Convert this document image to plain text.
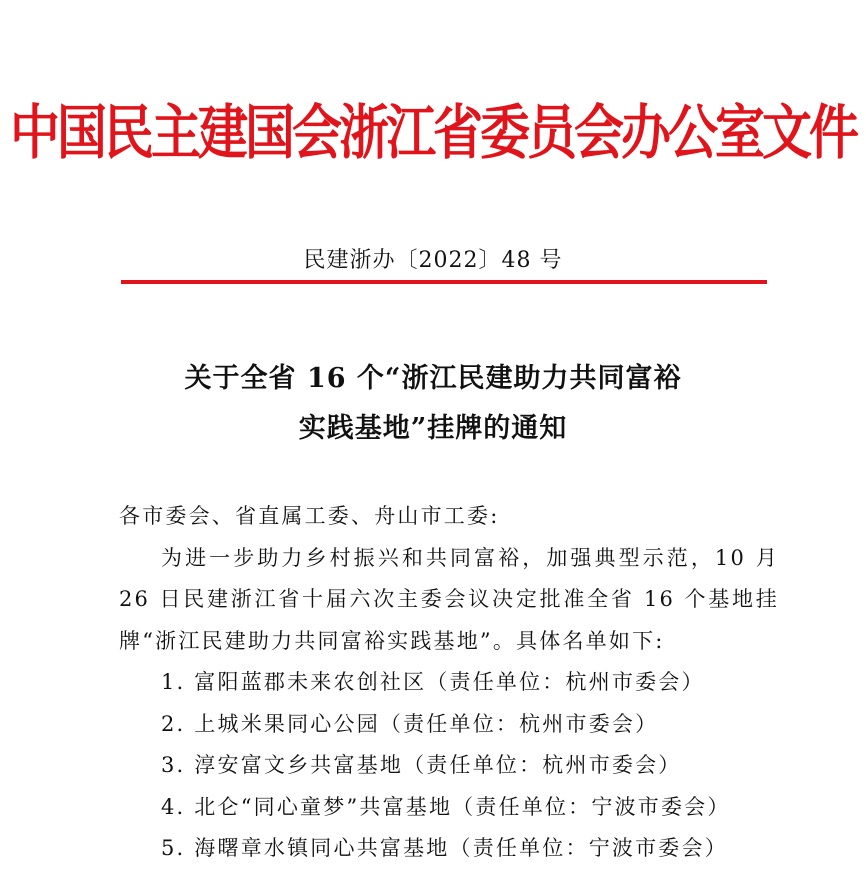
中国民主建国会浙江省委员会办公室文件
民建浙办〔2022〕48 号
关于全省 16 个“浙江民建助力共同富裕
实践基地”挂牌的通知

各市委会、省直属工委、舟山市工委:

为进一步助力乡村振兴和共同富裕，加强典型示范，10 月 26 日民建浙江省十届六次主委会议决定批准全省 16 个基地挂牌“浙江民建助力共同富裕实践基地”。具体名单如下:

1. 富阳蓝郡未来农创社区（责任单位：杭州市委会）

2. 上城米果同心公园（责任单位：杭州市委会）

3. 淳安富文乡共富基地（责任单位：杭州市委会）

4. 北仑“同心童梦”共富基地（责任单位：宁波市委会）

5. 海曙章水镇同心共富基地（责任单位：宁波市委会）
